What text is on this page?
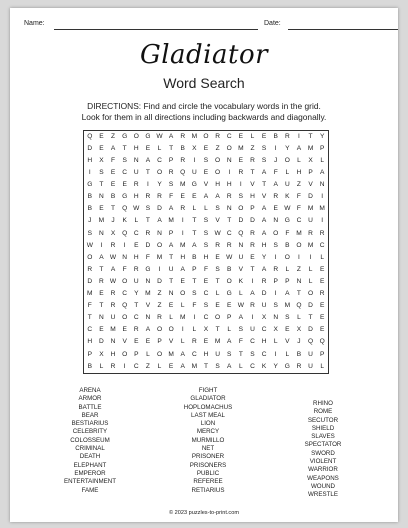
Name:	Date:
Gladiator
Word Search
DIRECTIONS: Find and circle the vocabulary words in the grid.
Look for them in all directions including backwards and diagonally.
Q	E	Z	G O G W A	R M O	R	C	E	L	E	B	R	I	T	Y
D	E	A	T	H	E	L	T	B	X	E	Z	O M	Z	S	I	Y	A	M	P
H	X	F	S	N	A	C	P	R	I	S	O	N	E	R	S	J	O	L	X	L
I	S	E	C	U	T	O	R	Q	U	E	O	I	R	T	A	F	L	H	P	A
G	T	E	E	R	I	Y	S	M G	V	H	H	I	V	T	A	U	Z	V	N
B	N	B	G	H	R	R	F	E	E	A	A	R	S	H	V	R	K	F	D	I
B	E	T	Q W S	D	A	R	L	L	S	N	O	P	A	E W F	M M
J	M	J	K	L	T	A	M	I	T	S	V	T	D	D	A	N	G	C	U	I
S	N	X	Q	C	R	N	P	I	T	S W C	Q	R	A	O	F	M R	R
W	I	R	I	E	D	O	A	M	A	S	R	R	N	R	H	S	B	O M C
O	A W N	H	F	M	T	H	B	H	E W U	E	Y	I	O	I	I	L
R	T	A	F	R	G	I	U	A	P	F	S	B	V	T	A	R	L	Z	L	E
D	R W O	U	N	D	T	E	T	E	T	O	K	I	R	P	P	N	L	E
M	E	R	C	Y	M	Z	N	O	S	C	L	G	L	A	D	I	A	T	O	R
F	T	R	Q	T	V	Z	E	L	F	S	E	E W R	U	S	M Q	D	E
T	N	U	O	C	N	R	L	M	I	C	O	P	A	I	X	N	S	L	T	E
C	E	M	E	R	A	O O	I	L	X	T	L	S	U	C	X	E	X	D	E
H	D	N	V	E	E	P	V	L	R	E	M	A	F	C	H	L	V	J	Q Q
P	X	H	O	P	L	O M	A	C	H	U	S	T	S	C	I	L	B	U	P
B	L	R	I	C	Z	L	E	A	M	T	S	A	L	C	K	Y	G	R	U	L
ARENA
ARMOR
BATTLE
BEAR
BESTIARIUS
CELEBRITY
COLOSSEUM
CRIMINAL
DEATH
ELEPHANT
EMPEROR
ENTERTAINMENT
FAME
FIGHT
GLADIATOR
HOPLOMACHUS
LAST MEAL
LION
MERCY
MURMILLO
NET
PRISONER
PRISONERS
PUBLIC
REFEREE
RETIARIUS
RHINO
ROME
SECUTOR
SHIELD
SLAVES
SPECTATOR
SWORD
VIOLENT
WARRIOR
WEAPONS
WOUND
WRESTLE
© 2023 puzzles-to-print.com
